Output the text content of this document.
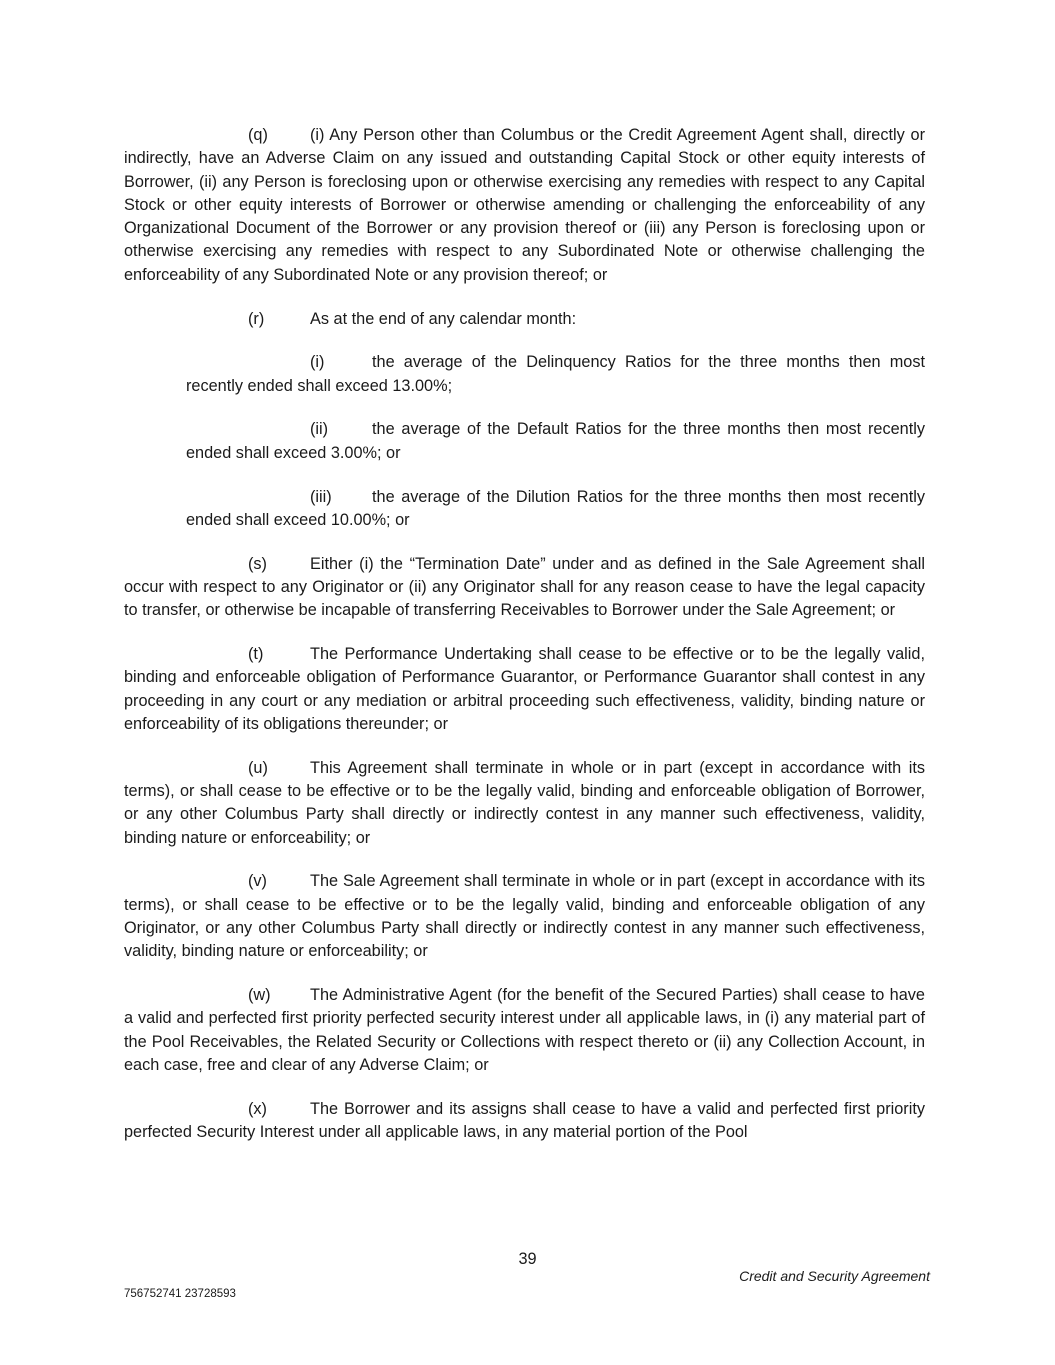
(q)	(i) Any Person other than Columbus or the Credit Agreement Agent shall, directly or indirectly, have an Adverse Claim on any issued and outstanding Capital Stock or other equity interests of Borrower, (ii) any Person is foreclosing upon or otherwise exercising any remedies with respect to any Capital Stock or other equity interests of Borrower or otherwise amending or challenging the enforceability of any Organizational Document of the Borrower or any provision thereof or (iii) any Person is foreclosing upon or otherwise exercising any remedies with respect to any Subordinated Note or otherwise challenging the enforceability of any Subordinated Note or any provision thereof; or

(r)	As at the end of any calendar month:

(i)	the average of the Delinquency Ratios for the three months then most recently ended shall exceed 13.00%;

(ii)	the average of the Default Ratios for the three months then most recently ended shall exceed 3.00%; or

(iii) the average of the Dilution Ratios for the three months then most recently ended shall exceed 10.00%; or

(s)	Either (i) the “Termination Date” under and as defined in the Sale Agreement shall occur with respect to any Originator or (ii) any Originator shall for any reason cease to have the legal capacity to transfer, or otherwise be incapable of transferring Receivables to Borrower under the Sale Agreement; or

(t)	The Performance Undertaking shall cease to be effective or to be the legally valid, binding and enforceable obligation of Performance Guarantor, or Performance Guarantor shall contest in any proceeding in any court or any mediation or arbitral proceeding such effectiveness, validity, binding nature or enforceability of its obligations thereunder; or

(u)	This Agreement shall terminate in whole or in part (except in accordance with its terms), or shall cease to be effective or to be the legally valid, binding and enforceable obligation of Borrower, or any other Columbus Party shall directly or indirectly contest in any manner such effectiveness, validity, binding nature or enforceability; or

(v)	The Sale Agreement shall terminate in whole or in part (except in accordance with its terms), or shall cease to be effective or to be the legally valid, binding and enforceable obligation of any Originator, or any other Columbus Party shall directly or indirectly contest in any manner such effectiveness, validity, binding nature or enforceability; or

(w) The Administrative Agent (for the benefit of the Secured Parties) shall cease to have a valid and perfected first priority perfected security interest under all applicable laws, in (i) any material part of the Pool Receivables, the Related Security or Collections with respect thereto or (ii) any Collection Account, in each case, free and clear of any Adverse Claim; or

(x)	The Borrower and its assigns shall cease to have a valid and perfected first priority perfected Security Interest under all applicable laws, in any material portion of the Pool

39
Credit and Security Agreement
756752741 23728593
